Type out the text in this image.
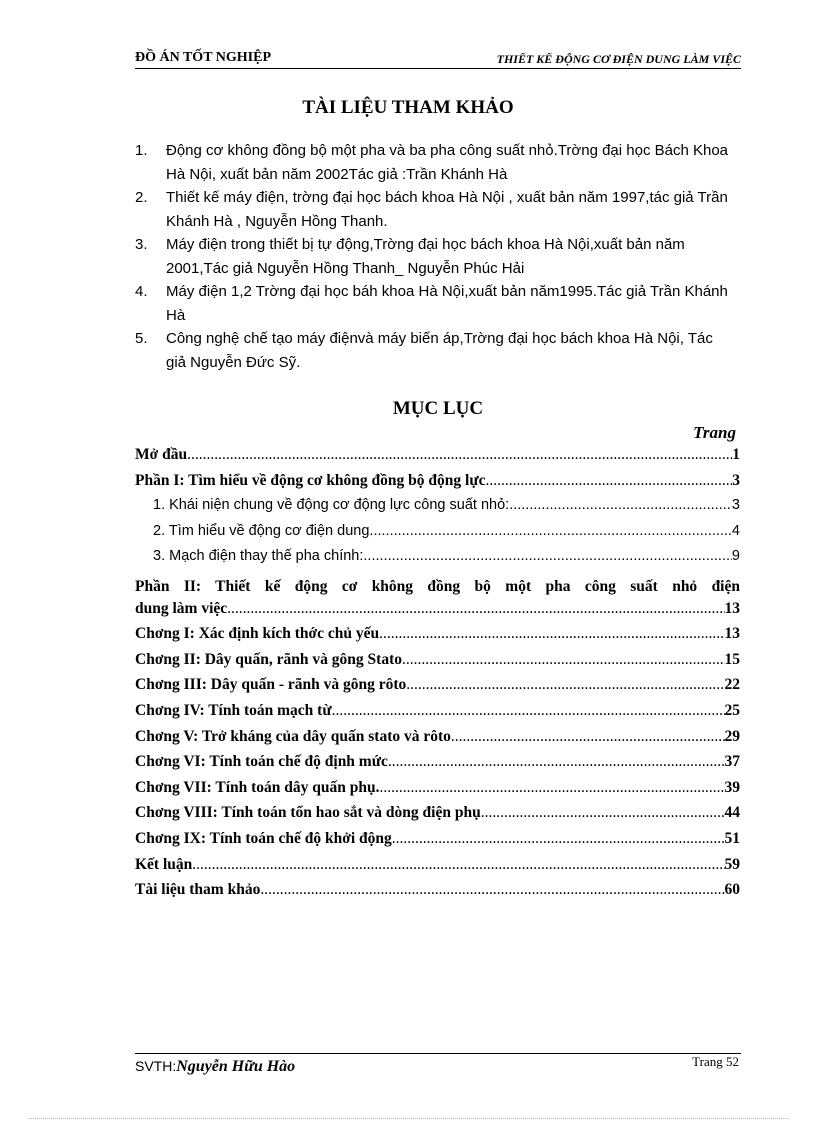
ĐỒ ÁN TỐT NGHIỆP	THIẾT KẾ ĐỘNG CƠ ĐIỆN DUNG LÀM VIỆC
TÀI LIỆU THAM KHẢO
1. Động cơ không đồng bộ một pha và ba pha công suất nhỏ.Trờng đại học Bách Khoa Hà Nội, xuất bản năm 2002Tác giả :Trần Khánh Hà
2. Thiết kế máy điện, trờng đại học bách khoa Hà Nội , xuất bản năm 1997,tác giả Trần Khánh Hà , Nguyễn Hồng Thanh.
3. Máy điện trong thiết bị tự động,Trờng đại học bách khoa Hà Nội,xuất bản năm 2001,Tác giả Nguyễn Hồng Thanh_ Nguyễn Phúc Hải
4. Máy điện 1,2 Trờng đại học báh khoa Hà Nội,xuất bản năm1995.Tác giả Trần Khánh Hà
5. Công nghệ chế tạo máy điệnvà máy biến áp,Trờng đại học bách khoa Hà Nội, Tác giả Nguyễn Đức Sỹ.
MỤC LỤC
Trang
Mở đầu .....	1
Phần I: Tìm hiểu về động cơ không đồng bộ động lực .....	3
1. Khái niện chung về động cơ động lực công suất nhỏ: .....	3
2. Tìm hiểu về động cơ điện dung .....	4
3. Mạch điện thay thế pha chính: .....	9
Phần II: Thiết kế động cơ không đồng bộ một pha công suất nhỏ điện
dung làm việc .....	13
Chơng I: Xác định kích thớc chủ yếu .....	13
Chơng II: Dây quấn, rãnh và gông Stato .....	15
Chơng III: Dây quấn - rãnh và gông rôto .....	22
Chơng IV: Tính toán mạch từ .....	25
Chơng V: Trở kháng của dây quấn stato và rôto .....	29
Chơng VI: Tính toán chế độ định mức .....	37
Chơng VII: Tính toán dây quấn phụ. .....	39
Chơng VIII: Tính toán tổn hao sắt và dòng điện phụ .....	44
Chơng IX: Tính toán chế độ khởi động .....	51
Kết luận .....	59
Tài liệu tham khảo .....	60
SVTH:Nguyễn Hữu Hào	Trang 52
